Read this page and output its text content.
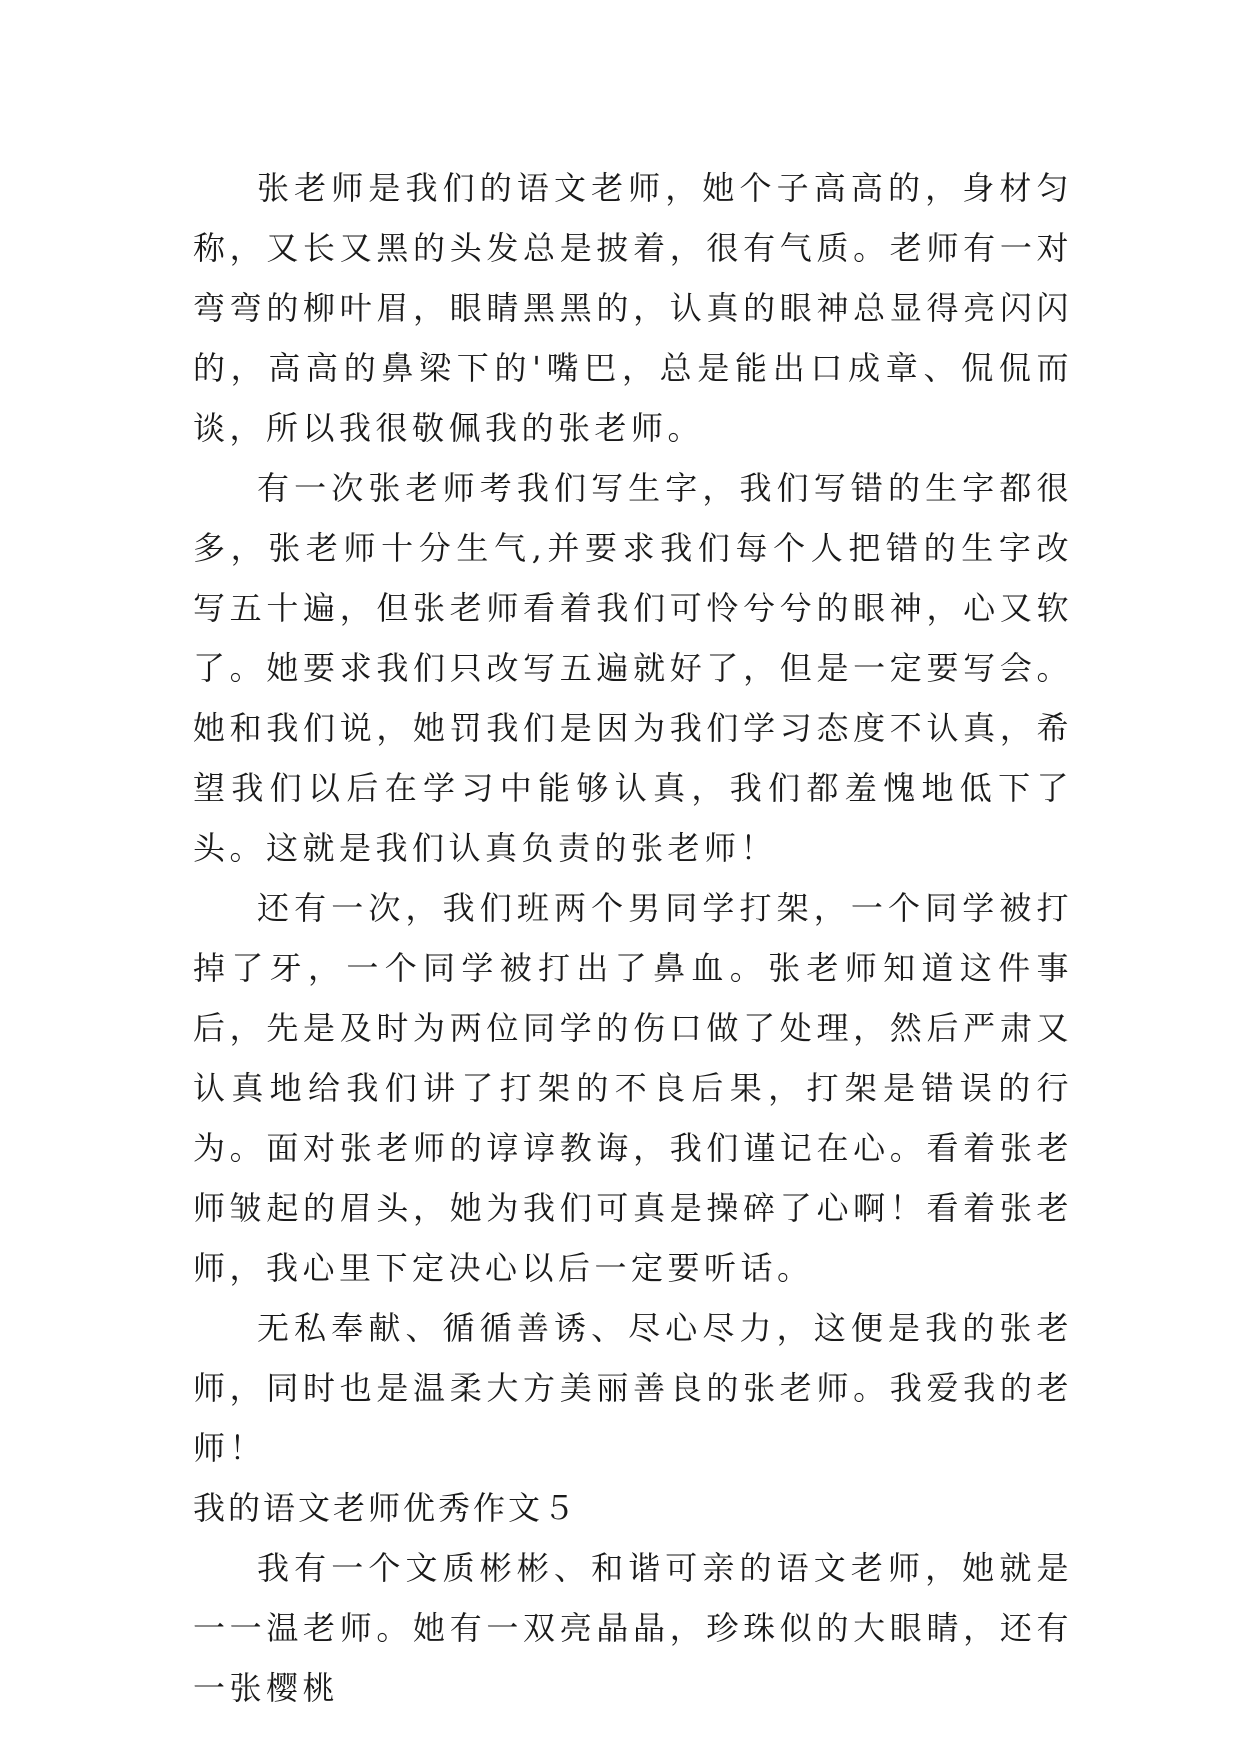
张老师是我们的语文老师，她个子高高的，身材匀称，又长又黑的头发总是披着，很有气质。老师有一对弯弯的柳叶眉，眼睛黑黑的，认真的眼神总显得亮闪闪的，高高的鼻梁下的'嘴巴，总是能出口成章、侃侃而谈，所以我很敬佩我的张老师。

有一次张老师考我们写生字，我们写错的生字都很多，张老师十分生气,并要求我们每个人把错的生字改写五十遍，但张老师看着我们可怜兮兮的眼神，心又软了。她要求我们只改写五遍就好了，但是一定要写会。她和我们说，她罚我们是因为我们学习态度不认真，希望我们以后在学习中能够认真，我们都羞愧地低下了头。这就是我们认真负责的张老师！

还有一次，我们班两个男同学打架，一个同学被打掉了牙，一个同学被打出了鼻血。张老师知道这件事后，先是及时为两位同学的伤口做了处理，然后严肃又认真地给我们讲了打架的不良后果，打架是错误的行为。面对张老师的谆谆教诲，我们谨记在心。看着张老师皱起的眉头，她为我们可真是操碎了心啊！看着张老师，我心里下定决心以后一定要听话。

无私奉献、循循善诱、尽心尽力，这便是我的张老师，同时也是温柔大方美丽善良的张老师。我爱我的老师！

我的语文老师优秀作文５

我有一个文质彬彬、和谐可亲的语文老师，她就是一一温老师。她有一双亮晶晶，珍珠似的大眼睛，还有一张樱桃
